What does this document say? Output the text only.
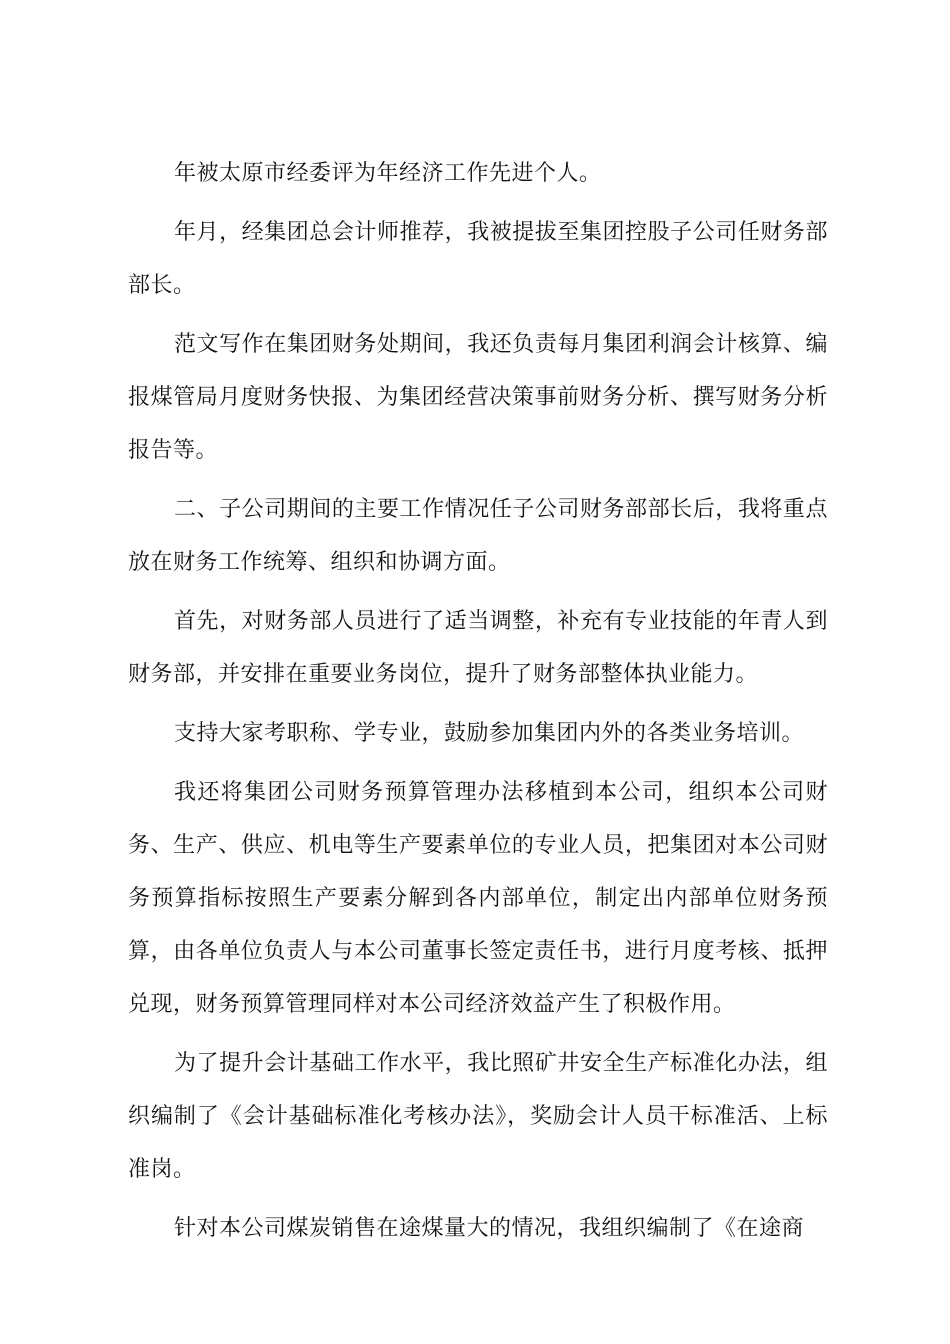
年被太原市经委评为年经济工作先进个人。

年月，经集团总会计师推荐，我被提拔至集团控股子公司任财务部部长。

范文写作在集团财务处期间，我还负责每月集团利润会计核算、编报煤管局月度财务快报、为集团经营决策事前财务分析、撰写财务分析报告等。

二、子公司期间的主要工作情况任子公司财务部部长后，我将重点放在财务工作统筹、组织和协调方面。

首先，对财务部人员进行了适当调整，补充有专业技能的年青人到财务部，并安排在重要业务岗位，提升了财务部整体执业能力。

支持大家考职称、学专业，鼓励参加集团内外的各类业务培训。

我还将集团公司财务预算管理办法移植到本公司，组织本公司财务、生产、供应、机电等生产要素单位的专业人员，把集团对本公司财务预算指标按照生产要素分解到各内部单位，制定出内部单位财务预算，由各单位负责人与本公司董事长签定责任书，进行月度考核、抵押兑现，财务预算管理同样对本公司经济效益产生了积极作用。

为了提升会计基础工作水平，我比照矿井安全生产标准化办法，组织编制了《会计基础标准化考核办法》，奖励会计人员干标准活、上标准岗。

针对本公司煤炭销售在途煤量大的情况，我组织编制了《在途商
